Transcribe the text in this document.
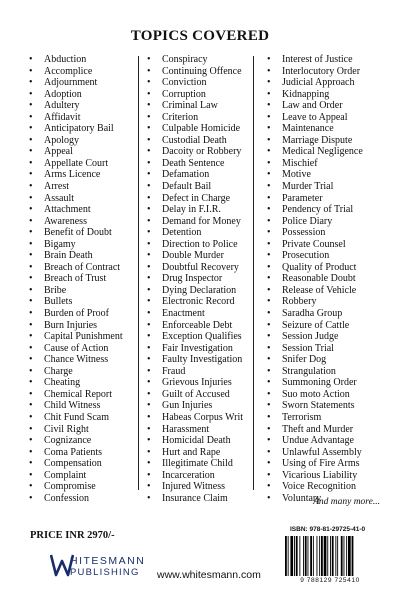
TOPICS COVERED
• Abduction
• Accomplice
• Adjournment
• Adoption
• Adultery
• Affidavit
• Anticipatory Bail
• Apology
• Appeal
• Appellate Court
• Arms Licence
• Arrest
• Assault
• Attachment
• Awareness
• Benefit of Doubt
• Bigamy
• Brain Death
• Breach of Contract
• Breach of Trust
• Bribe
• Bullets
• Burden of Proof
• Burn Injuries
• Capital Punishment
• Cause of Action
• Chance Witness
• Charge
• Cheating
• Chemical Report
• Child Witness
• Chit Fund Scam
• Civil Right
• Cognizance
• Coma Patients
• Compensation
• Complaint
• Compromise
• Confession
• Conspiracy
• Continuing Offence
• Conviction
• Corruption
• Criminal Law
• Criterion
• Culpable Homicide
• Custodial Death
• Dacoity or Robbery
• Death Sentence
• Defamation
• Default Bail
• Defect in Charge
• Delay in F.I.R.
• Demand for Money
• Detention
• Direction to Police
• Double Murder
• Doubtful Recovery
• Drug Inspector
• Dying Declaration
• Electronic Record
• Enactment
• Enforceable Debt
• Exception Qualifies
• Fair Investigation
• Faulty Investigation
• Fraud
• Grievous Injuries
• Guilt of Accused
• Gun Injuries
• Habeas Corpus Writ
• Harassment
• Homicidal Death
• Hurt and Rape
• Illegitimate Child
• Incarceration
• Injured Witness
• Insurance Claim
• Interest of Justice
• Interlocutory Order
• Judicial Approach
• Kidnapping
• Law and Order
• Leave to Appeal
• Maintenance
• Marriage Dispute
• Medical Negligence
• Mischief
• Motive
• Murder Trial
• Parameter
• Pendency of Trial
• Police Diary
• Possession
• Private Counsel
• Prosecution
• Quality of Product
• Reasonable Doubt
• Release of Vehicle
• Robbery
• Saradha Group
• Seizure of Cattle
• Session Judge
• Session Trial
• Snifer Dog
• Strangulation
• Summoning Order
• Suo moto Action
• Sworn Statements
• Terrorism
• Theft and Murder
• Undue Advantage
• Unlawful Assembly
• Using of Fire Arms
• Vicarious Liability
• Voice Recognition
• Voluntary
And many more...
PRICE INR 2970/-
HITESMANN
PUBLISHING www.whitesmann.com
ISBN: 978-81-29725-41-0
9 788129 725410
